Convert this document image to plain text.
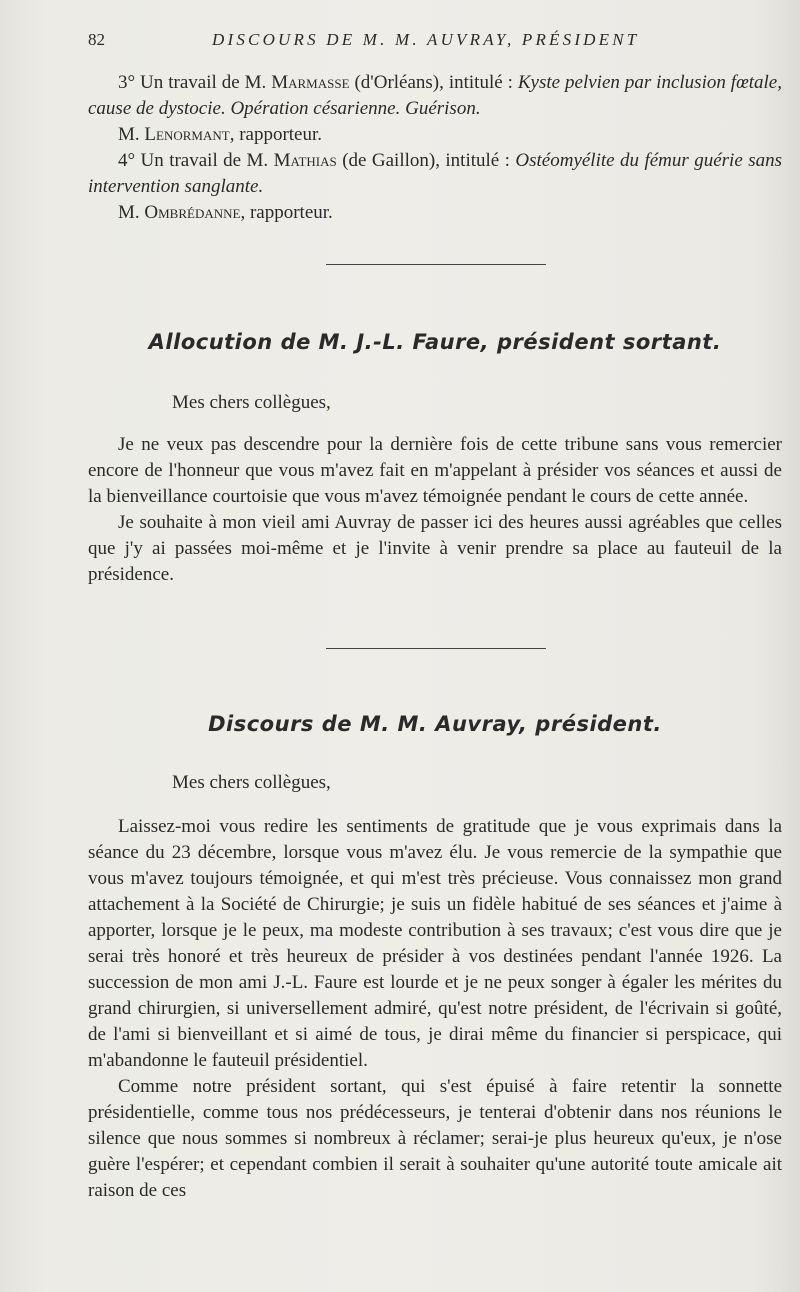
82	DISCOURS DE M. M. AUVRAY, PRÉSIDENT

3° Un travail de M. Marmasse (d'Orléans), intitulé : Kyste pelvien par inclusion fœtale, cause de dystocie. Opération césarienne. Guérison.

M. Lenormant, rapporteur.

4° Un travail de M. Mathias (de Gaillon), intitulé : Ostéomyélite du fémur guérie sans intervention sanglante.

M. Ombrédanne, rapporteur.

Allocution de M. J.-L. Faure, président sortant.
Mes chers collègues,

Je ne veux pas descendre pour la dernière fois de cette tribune sans vous remercier encore de l'honneur que vous m'avez fait en m'appelant à présider vos séances et aussi de la bienveillance courtoisie que vous m'avez témoignée pendant le cours de cette année.

Je souhaite à mon vieil ami Auvray de passer ici des heures aussi agréables que celles que j'y ai passées moi-même et je l'invite à venir prendre sa place au fauteuil de la présidence.

Discours de M. M. Auvray, président.
Mes chers collègues,

Laissez-moi vous redire les sentiments de gratitude que je vous exprimais dans la séance du 23 décembre, lorsque vous m'avez élu. Je vous remercie de la sympathie que vous m'avez toujours témoignée, et qui m'est très précieuse. Vous connaissez mon grand attachement à la Société de Chirurgie; je suis un fidèle habitué de ses séances et j'aime à apporter, lorsque je le peux, ma modeste contribution à ses travaux; c'est vous dire que je serai très honoré et très heureux de présider à vos destinées pendant l'année 1926. La succession de mon ami J.-L. Faure est lourde et je ne peux songer à égaler les mérites du grand chirurgien, si universellement admiré, qu'est notre président, de l'écrivain si goûté, de l'ami si bienveillant et si aimé de tous, je dirai même du financier si perspicace, qui m'abandonne le fauteuil présidentiel.

Comme notre président sortant, qui s'est épuisé à faire retentir la sonnette présidentielle, comme tous nos prédécesseurs, je tenterai d'obtenir dans nos réunions le silence que nous sommes si nombreux à réclamer; serai-je plus heureux qu'eux, je n'ose guère l'espérer; et cependant combien il serait à souhaiter qu'une autorité toute amicale ait raison de ces
